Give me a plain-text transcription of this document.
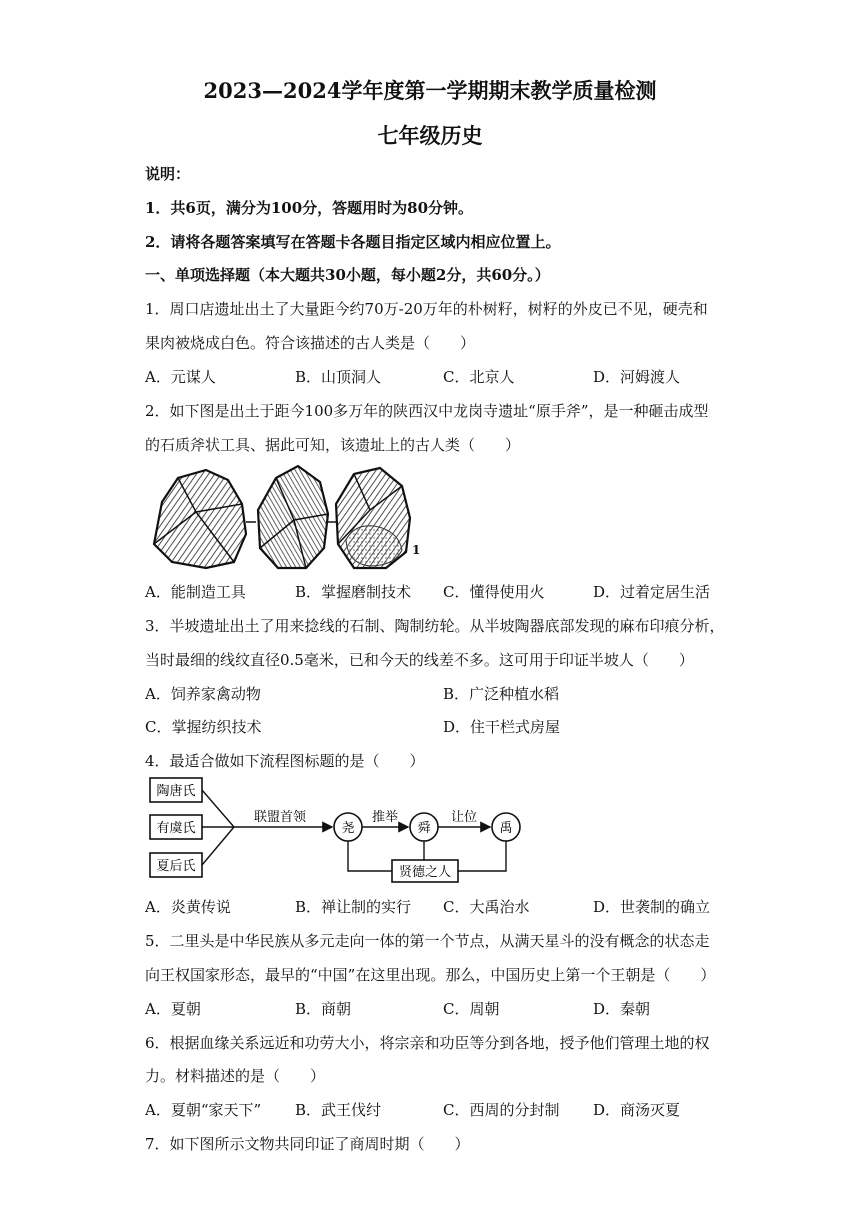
2023—2024学年度第一学期期末教学质量检测
七年级历史
说明：
1．共6页，满分为100分，答题用时为80分钟。
2．请将各题答案填写在答题卡各题目指定区域内相应位置上。
一、单项选择题（本大题共30小题，每小题2分，共60分。）
1．周口店遗址出土了大量距今约70万-20万年的朴树籽，树籽的外皮已不见，硬壳和
果肉被烧成白色。符合该描述的古人类是（　　）
A．元谋人	B．山顶洞人	C．北京人	D．河姆渡人
2．如下图是出土于距今100多万年的陕西汉中龙岗寺遗址“原手斧”，是一种砸击成型
的石质斧状工具、据此可知，该遗址上的古人类（　　）
1
A．能制造工具	B．掌握磨制技术 C．懂得使用火	D．过着定居生活
3．半坡遗址出土了用来捻线的石制、陶制纺轮。从半坡陶器底部发现的麻布印痕分析，
当时最细的线纹直径0.5毫米，已和今天的线差不多。这可用于印证半坡人（　　）
A．饲养家禽动物	B．广泛种植水稻
C．掌握纺织技术	D．住干栏式房屋
4．最适合做如下流程图标题的是（　　）
陶唐氏
有虞氏
夏后氏
联盟首领
尧
推举
舜
让位
禹
贤德之人
A．炎黄传说	B．禅让制的实行 C．大禹治水	D．世袭制的确立
5．二里头是中华民族从多元走向一体的第一个节点，从满天星斗的没有概念的状态走
向王权国家形态，最早的“中国”在这里出现。那么，中国历史上第一个王朝是（　　）
A．夏朝	B．商朝	C．周朝	D．秦朝
6．根据血缘关系远近和功劳大小，将宗亲和功臣等分到各地，授予他们管理土地的权
力。材料描述的是（　　）
A．夏朝“家天下” B．武王伐纣	C．西周的分封制 D．商汤灭夏
7．如下图所示文物共同印证了商周时期（　　）
